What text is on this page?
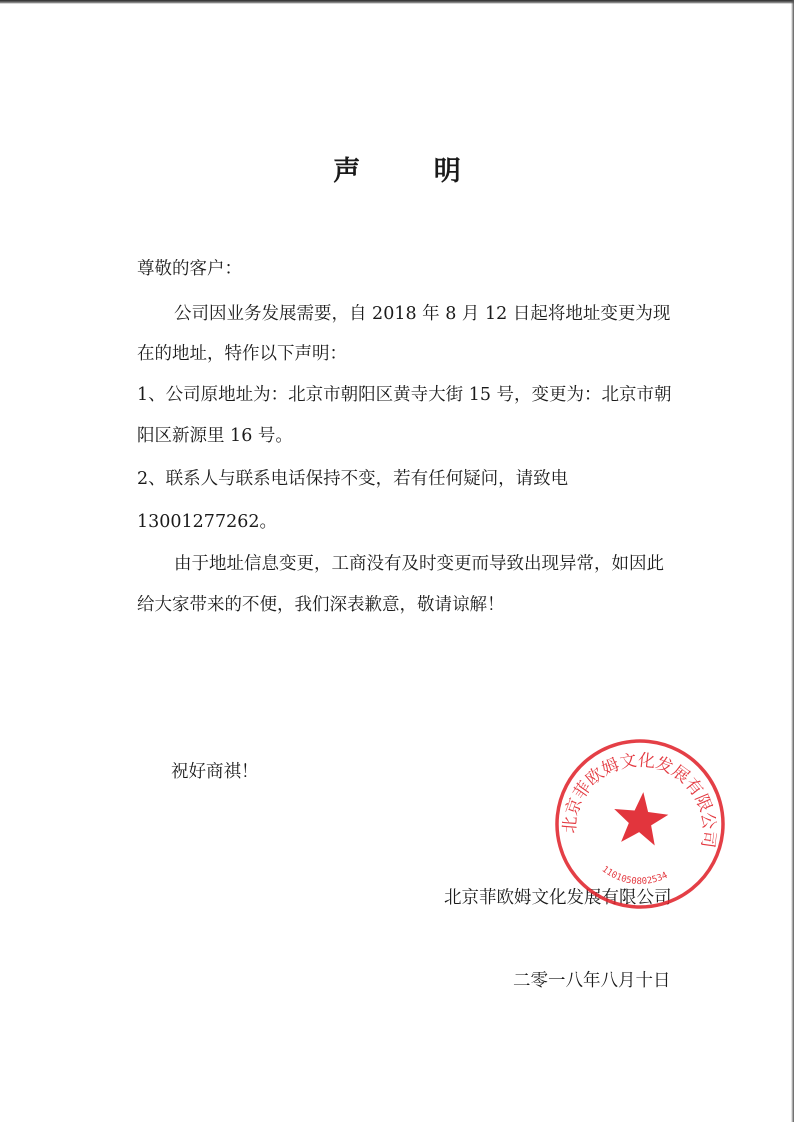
声 明
尊敬的客户：
公司因业务发展需要，自 2018 年 8 月 12 日起将地址变更为现
在的地址，特作以下声明：
1、公司原地址为：北京市朝阳区黄寺大街 15 号，变更为：北京市朝
阳区新源里 16 号。
2、联系人与联系电话保持不变，若有任何疑问，请致电
13001277262。
由于地址信息变更，工商没有及时变更而导致出现异常，如因此
给大家带来的不便，我们深表歉意，敬请谅解！
祝好商祺！
北京菲欧姆文化发展有限公司
二零一八年八月十日
北京菲欧姆文化发展有限公司
1101050802534
